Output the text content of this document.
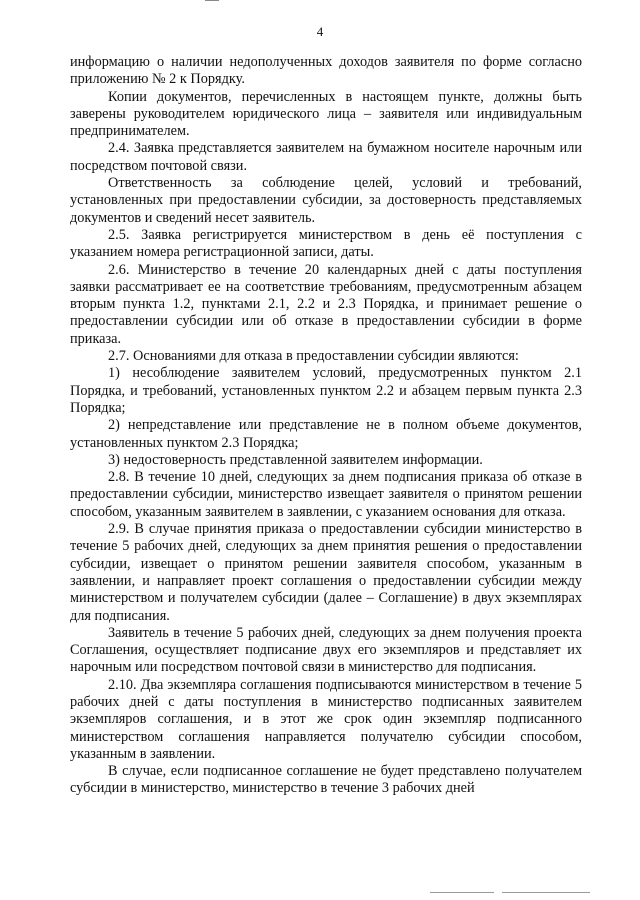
4

информацию о наличии недополученных доходов заявителя по форме согласно приложению № 2 к Порядку.

Копии документов, перечисленных в настоящем пункте, должны быть заверены руководителем юридического лица – заявителя или индивидуальным предпринимателем.

2.4. Заявка представляется заявителем на бумажном носителе нарочным или посредством почтовой связи.

Ответственность за соблюдение целей, условий и требований, установленных при предоставлении субсидии, за достоверность представляемых документов и сведений несет заявитель.

2.5. Заявка регистрируется министерством в день её поступления с указанием номера регистрационной записи, даты.

2.6. Министерство в течение 20 календарных дней с даты поступления заявки рассматривает ее на соответствие требованиям, предусмотренным абзацем вторым пункта 1.2, пунктами 2.1, 2.2 и 2.3 Порядка, и принимает решение о предоставлении субсидии или об отказе в предоставлении субсидии в форме приказа.

2.7. Основаниями для отказа в предоставлении субсидии являются:

1) несоблюдение заявителем условий, предусмотренных пунктом 2.1 Порядка, и требований, установленных пунктом 2.2 и абзацем первым пункта 2.3 Порядка;

2) непредставление или представление не в полном объеме документов, установленных пунктом 2.3 Порядка;

3) недостоверность представленной заявителем информации.

2.8. В течение 10 дней, следующих за днем подписания приказа об отказе в предоставлении субсидии, министерство извещает заявителя о принятом решении способом, указанным заявителем в заявлении, с указанием основания для отказа.

2.9. В случае принятия приказа о предоставлении субсидии министерство в течение 5 рабочих дней, следующих за днем принятия решения о предоставлении субсидии, извещает о принятом решении заявителя способом, указанным в заявлении, и направляет проект соглашения о предоставлении субсидии между министерством и получателем субсидии (далее – Соглашение) в двух экземплярах для подписания.

Заявитель в течение 5 рабочих дней, следующих за днем получения проекта Соглашения, осуществляет подписание двух его экземпляров и представляет их нарочным или посредством почтовой связи в министерство для подписания.

2.10. Два экземпляра соглашения подписываются министерством в течение 5 рабочих дней с даты поступления в министерство подписанных заявителем экземпляров соглашения, и в этот же срок один экземпляр подписанного министерством соглашения направляется получателю субсидии способом, указанным в заявлении.

В случае, если подписанное соглашение не будет представлено получателем субсидии в министерство, министерство в течение 3 рабочих дней
